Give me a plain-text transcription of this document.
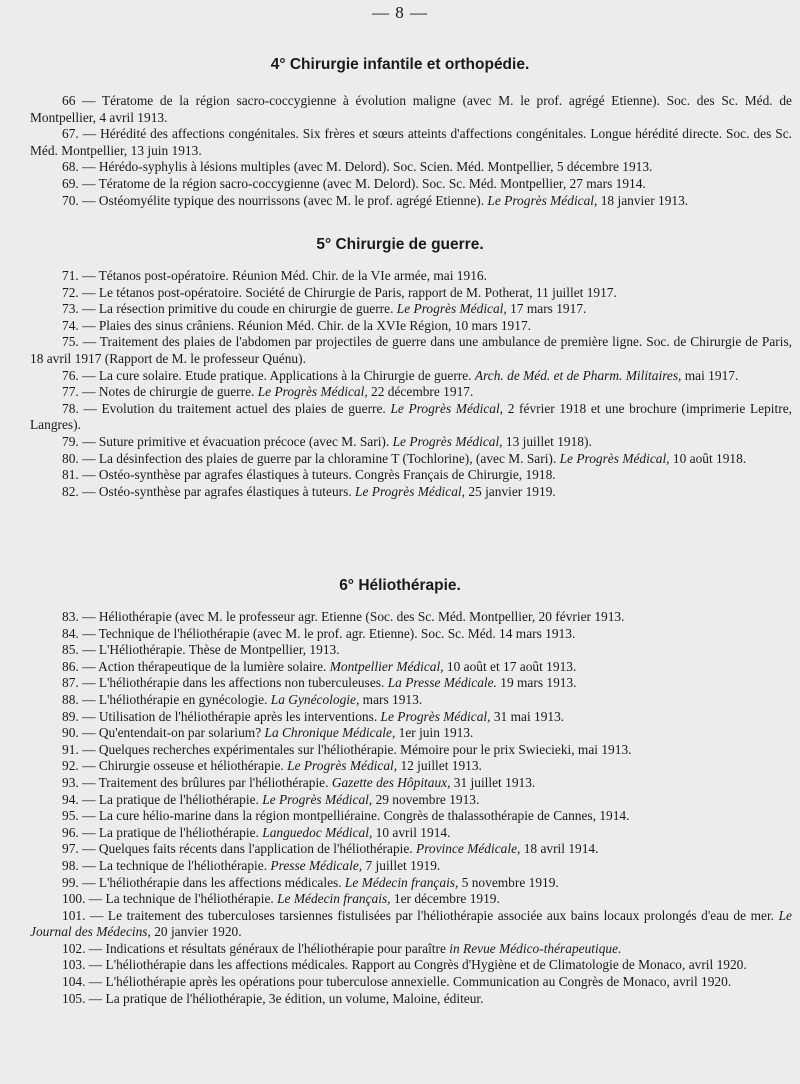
— 8 —
4° Chirurgie infantile et orthopédie.

66 — Tératome de la région sacro-coccygienne à évolution maligne (avec M. le prof. agrégé Etienne). Soc. des Sc. Méd. de Montpellier, 4 avril 1913.

67. — Hérédité des affections congénitales. Six frères et sœurs atteints d'affections congénitales. Longue hérédité directe. Soc. des Sc. Méd. Montpellier, 13 juin 1913.

68. — Hérédo-syphylis à lésions multiples (avec M. Delord). Soc. Scien. Méd. Montpellier, 5 décembre 1913.

69. — Tératome de la région sacro-coccygienne (avec M. Delord). Soc. Sc. Méd. Montpellier, 27 mars 1914.

70. — Ostéomyélite typique des nourrissons (avec M. le prof. agrégé Etienne). Le Progrès Médical, 18 janvier 1913.

5° Chirurgie de guerre.

71. — Tétanos post-opératoire. Réunion Méd. Chir. de la VIe armée, mai 1916.

72. — Le tétanos post-opératoire. Société de Chirurgie de Paris, rapport de M. Potherat, 11 juillet 1917.

73. — La résection primitive du coude en chirurgie de guerre. Le Progrès Médical, 17 mars 1917.

74. — Plaies des sinus crâniens. Réunion Méd. Chir. de la XVIe Région, 10 mars 1917.

75. — Traitement des plaies de l'abdomen par projectiles de guerre dans une ambulance de première ligne. Soc. de Chirurgie de Paris, 18 avril 1917 (Rapport de M. le professeur Quénu).

76. — La cure solaire. Etude pratique. Applications à la Chirurgie de guerre. Arch. de Méd. et de Pharm. Militaires, mai 1917.

77. — Notes de chirurgie de guerre. Le Progrès Médical, 22 décembre 1917.

78. — Evolution du traitement actuel des plaies de guerre. Le Progrès Médical, 2 février 1918 et une brochure (imprimerie Lepitre, Langres).

79. — Suture primitive et évacuation précoce (avec M. Sari). Le Progrès Médical, 13 juillet 1918).

80. — La désinfection des plaies de guerre par la chloramine T (Tochlorine), (avec M. Sari). Le Progrès Médical, 10 août 1918.

81. — Ostéo-synthèse par agrafes élastiques à tuteurs. Congrès Français de Chirurgie, 1918.

82. — Ostéo-synthèse par agrafes élastiques à tuteurs. Le Progrès Médical, 25 janvier 1919.

6° Héliothérapie.

83. — Héliothérapie (avec M. le professeur agr. Etienne (Soc. des Sc. Méd. Montpellier, 20 février 1913.

84. — Technique de l'héliothérapie (avec M. le prof. agr. Etienne). Soc. Sc. Méd. 14 mars 1913.

85. — L'Héliothérapie. Thèse de Montpellier, 1913.

86. — Action thérapeutique de la lumière solaire. Montpellier Médical, 10 août et 17 août 1913.

87. — L'héliothérapie dans les affections non tuberculeuses. La Presse Médicale. 19 mars 1913.

88. — L'héliothérapie en gynécologie. La Gynécologie, mars 1913.

89. — Utilisation de l'héliothérapie après les interventions. Le Progrès Médical, 31 mai 1913.

90. — Qu'entendait-on par solarium? La Chronique Médicale, 1er juin 1913.

91. — Quelques recherches expérimentales sur l'héliothérapie. Mémoire pour le prix Swiecieki, mai 1913.

92. — Chirurgie osseuse et héliothérapie. Le Progrès Médical, 12 juillet 1913.

93. — Traitement des brûlures par l'héliothérapie. Gazette des Hôpitaux, 31 juillet 1913.

94. — La pratique de l'héliothérapie. Le Progrès Médical, 29 novembre 1913.

95. — La cure hélio-marine dans la région montpelliéraine. Congrès de thalassothérapie de Cannes, 1914.

96. — La pratique de l'héliothérapie. Languedoc Médical, 10 avril 1914.

97. — Quelques faits récents dans l'application de l'héliothérapie. Province Médicale, 18 avril 1914.

98. — La technique de l'héliothérapie. Presse Médicale, 7 juillet 1919.

99. — L'héliothérapie dans les affections médicales. Le Médecin français, 5 novembre 1919.

100. — La technique de l'héliothérapie. Le Médecin français, 1er décembre 1919.

101. — Le traitement des tuberculoses tarsiennes fistulisées par l'héliothérapie associée aux bains locaux prolongés d'eau de mer. Le Journal des Médecins, 20 janvier 1920.

102. — Indications et résultats généraux de l'héliothérapie pour paraître in Revue Médico-thérapeutique.

103. — L'héliothérapie dans les affections médicales. Rapport au Congrès d'Hygiène et de Climatologie de Monaco, avril 1920.

104. — L'héliothérapie après les opérations pour tuberculose annexielle. Communication au Congrès de Monaco, avril 1920.

105. — La pratique de l'héliothérapie, 3e édition, un volume, Maloine, éditeur.
